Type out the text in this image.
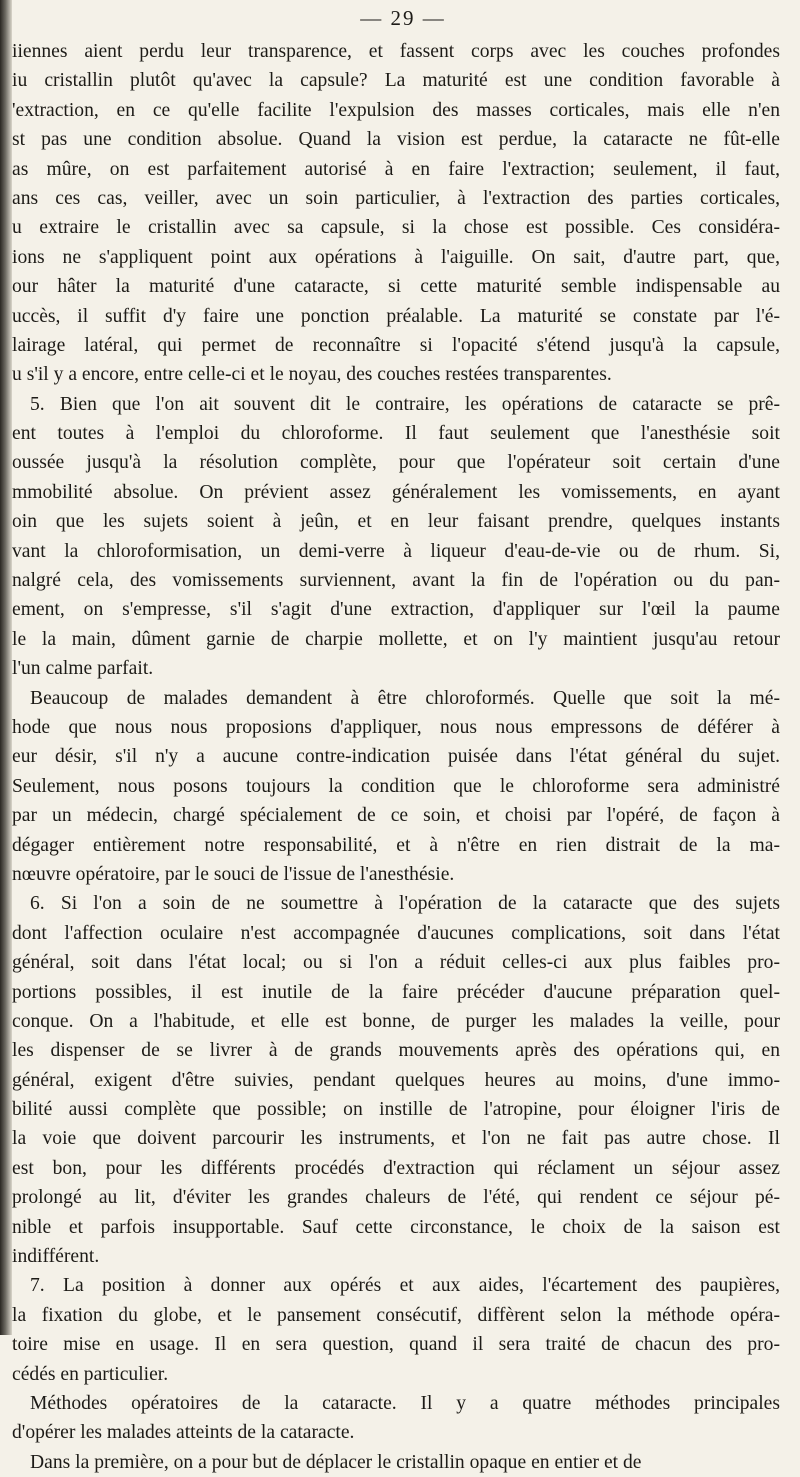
— 29 —
iiennes aient perdu leur transparence, et fassent corps avec les couches profondes
iu cristallin plutôt qu'avec la capsule? La maturité est une condition favorable à
'extraction, en ce qu'elle facilite l'expulsion des masses corticales, mais elle n'en
st pas une condition absolue. Quand la vision est perdue, la cataracte ne fût-elle
as mûre, on est parfaitement autorisé à en faire l'extraction; seulement, il faut,
ans ces cas, veiller, avec un soin particulier, à l'extraction des parties corticales,
u extraire le cristallin avec sa capsule, si la chose est possible. Ces considéra-
ions ne s'appliquent point aux opérations à l'aiguille. On sait, d'autre part, que,
our hâter la maturité d'une cataracte, si cette maturité semble indispensable au
uccès, il suffit d'y faire une ponction préalable. La maturité se constate par l'é-
lairage latéral, qui permet de reconnaître si l'opacité s'étend jusqu'à la capsule,
u s'il y a encore, entre celle-ci et le noyau, des couches restées transparentes.
5. Bien que l'on ait souvent dit le contraire, les opérations de cataracte se prê-
ent toutes à l'emploi du chloroforme. Il faut seulement que l'anesthésie soit
oussée jusqu'à la résolution complète, pour que l'opérateur soit certain d'une
mmobilité absolue. On prévient assez généralement les vomissements, en ayant
oin que les sujets soient à jeûn, et en leur faisant prendre, quelques instants
vant la chloroformisation, un demi-verre à liqueur d'eau-de-vie ou de rhum. Si,
nalgré cela, des vomissements surviennent, avant la fin de l'opération ou du pan-
ement, on s'empresse, s'il s'agit d'une extraction, d'appliquer sur l'œil la paume
le la main, dûment garnie de charpie mollette, et on l'y maintient jusqu'au retour
l'un calme parfait.
Beaucoup de malades demandent à être chloroformés. Quelle que soit la mé-
hode que nous nous proposions d'appliquer, nous nous empressons de déférer à
eur désir, s'il n'y a aucune contre-indication puisée dans l'état général du sujet.
Seulement, nous posons toujours la condition que le chloroforme sera administré
par un médecin, chargé spécialement de ce soin, et choisi par l'opéré, de façon à
dégager entièrement notre responsabilité, et à n'être en rien distrait de la ma-
nœuvre opératoire, par le souci de l'issue de l'anesthésie.
6. Si l'on a soin de ne soumettre à l'opération de la cataracte que des sujets
dont l'affection oculaire n'est accompagnée d'aucunes complications, soit dans l'état
général, soit dans l'état local; ou si l'on a réduit celles-ci aux plus faibles pro-
portions possibles, il est inutile de la faire précéder d'aucune préparation quel-
conque. On a l'habitude, et elle est bonne, de purger les malades la veille, pour
les dispenser de se livrer à de grands mouvements après des opérations qui, en
général, exigent d'être suivies, pendant quelques heures au moins, d'une immo-
bilité aussi complète que possible; on instille de l'atropine, pour éloigner l'iris de
la voie que doivent parcourir les instruments, et l'on ne fait pas autre chose. Il
est bon, pour les différents procédés d'extraction qui réclament un séjour assez
prolongé au lit, d'éviter les grandes chaleurs de l'été, qui rendent ce séjour pé-
nible et parfois insupportable. Sauf cette circonstance, le choix de la saison est
indifférent.
7. La position à donner aux opérés et aux aides, l'écartement des paupières,
la fixation du globe, et le pansement consécutif, diffèrent selon la méthode opéra-
toire mise en usage. Il en sera question, quand il sera traité de chacun des pro-
cédés en particulier.
Méthodes opératoires de la cataracte. Il y a quatre méthodes principales
d'opérer les malades atteints de la cataracte.
Dans la première, on a pour but de déplacer le cristallin opaque en entier et de
